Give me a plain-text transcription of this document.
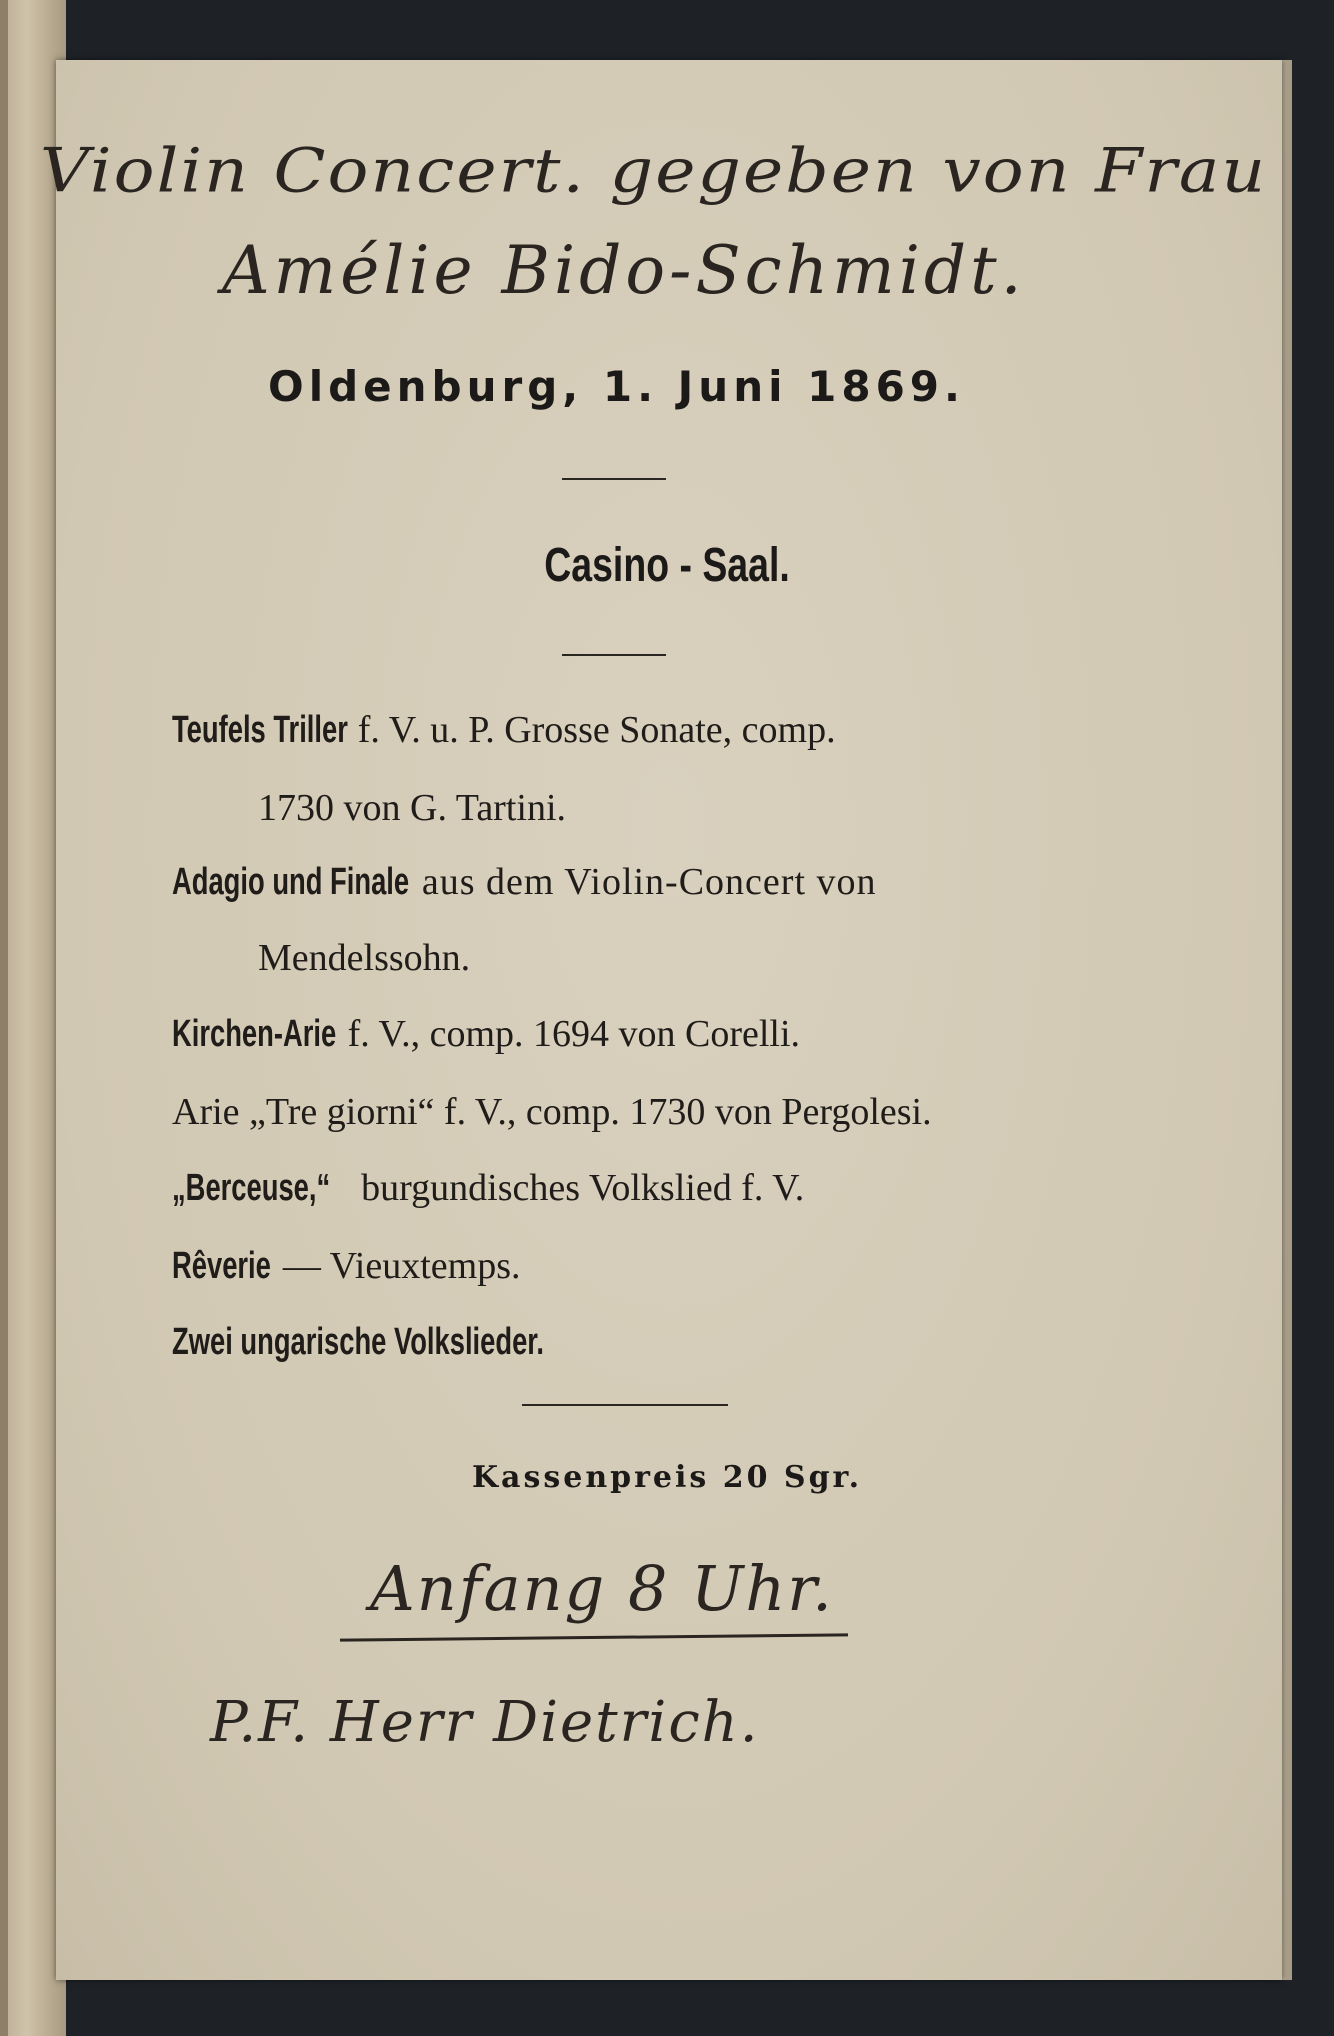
Violin Concert. gegeben von Frau
Amélie Bido-Schmidt.
Oldenburg, 1. Juni 1869.
Casino - Saal.
Teufels Triller f. V. u. P. Grosse Sonate, comp.
1730 von G. Tartini.
Adagio und Finale aus dem Violin-Concert von
Mendelssohn.
Kirchen-Arie f. V., comp. 1694 von Corelli.
Arie „Tre giorni“ f. V., comp. 1730 von Pergolesi.
„Berceuse,“ burgundisches Volkslied f. V.
Rêverie — Vieuxtemps.
Zwei ungarische Volkslieder.
Kassenpreis 20 Sgr.
Anfang 8 Uhr.
P.F. Herr Dietrich.
